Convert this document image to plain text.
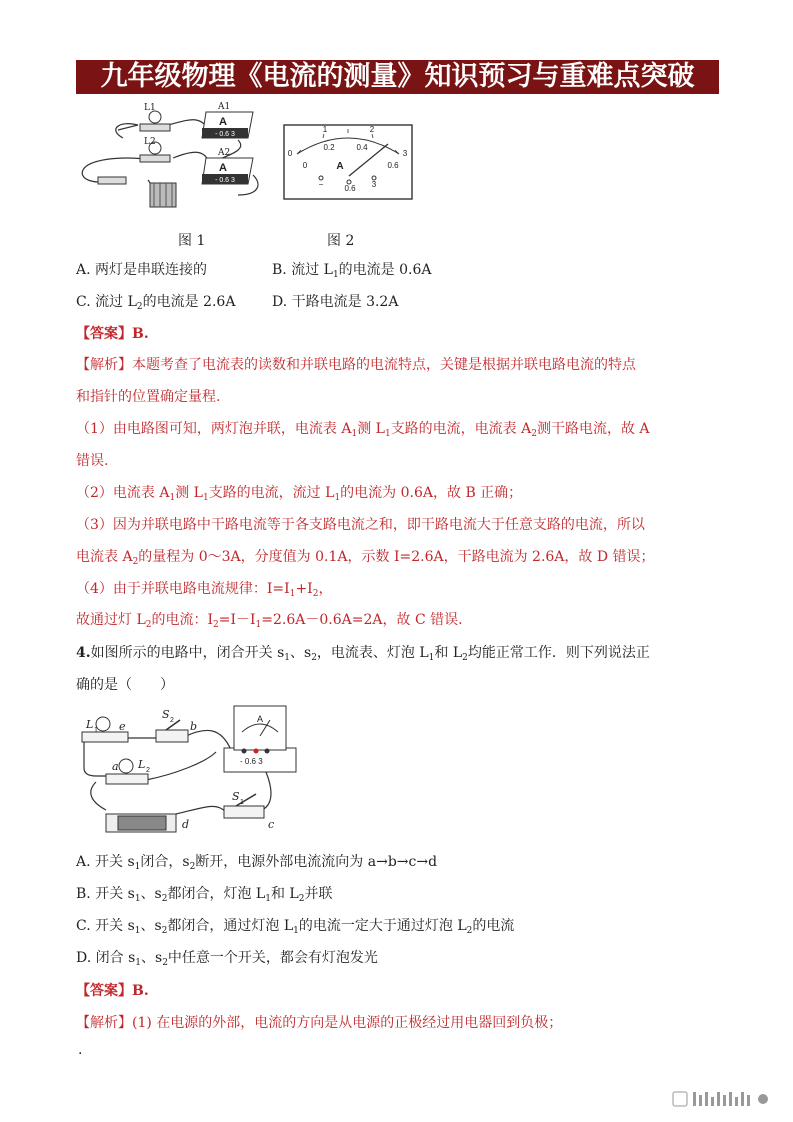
九年级物理《电流的测量》知识预习与重难点突破
A
- 0.6 3
A
- 0.6 3
L1
L2
A1
A2	0
1	2
3
0
0.2	0.4
0.6
A
−	0.6 3
图 1	图 2
A. 两灯是串联连接的	B. 流过 $L_1$的电流是 0.6A
C. 流过 $L_2$的电流是 2.6A	D. 干路电流是 3.2A
【答案】B.
【解析】本题考查了电流表的读数和并联电路的电流特点，关键是根据并联电路电流的特点
和指针的位置确定量程.
（1）由电路图可知，两灯泡并联，电流表 $A_1$测 $L_1$支路的电流，电流表 $A_2$测干路电流，故 A
错误.
（2）电流表 $A_1$测 $L_1$支路的电流，流过 $L_1$的电流为 0.6A，故 B 正确；
（3）因为并联电路中干路电流等于各支路电流之和，即干路电流大于任意支路的电流，所以
电流表 $A_2$的量程为 0～3A，分度值为 0.1A，示数 I=2.6A，干路电流为 2.6A，故 D 错误；
（4）由于并联电路电流规律：$I=I_1+I_2$，
故通过灯 $L_2$的电流：$I_2=I-I_1=2.6A-0.6A=2A$，故 C 错误.
4.如图所示的电路中，闭合开关 $s_1$、$s_2$，电流表、灯泡 $L_1$和 $L_2$均能正常工作．则下列说法正
确的是（　　）
A
- 0.6 3
L e
S
b
a L
S
d	c
1
2
2
1
A. 开关 $s_1$闭合，$s_2$断开，电源外部电流流向为 a→b→c→d
B. 开关 $s_1$、$s_2$都闭合，灯泡 $L_1$和 $L_2$并联
C. 开关 $s_1$、$s_2$都闭合，通过灯泡 $L_1$的电流一定大于通过灯泡 $L_2$的电流
D. 闭合 $s_1$、$s_2$中任意一个开关，都会有灯泡发光
【答案】B.
【解析】(1) 在电源的外部，电流的方向是从电源的正极经过用电器回到负极；
.
